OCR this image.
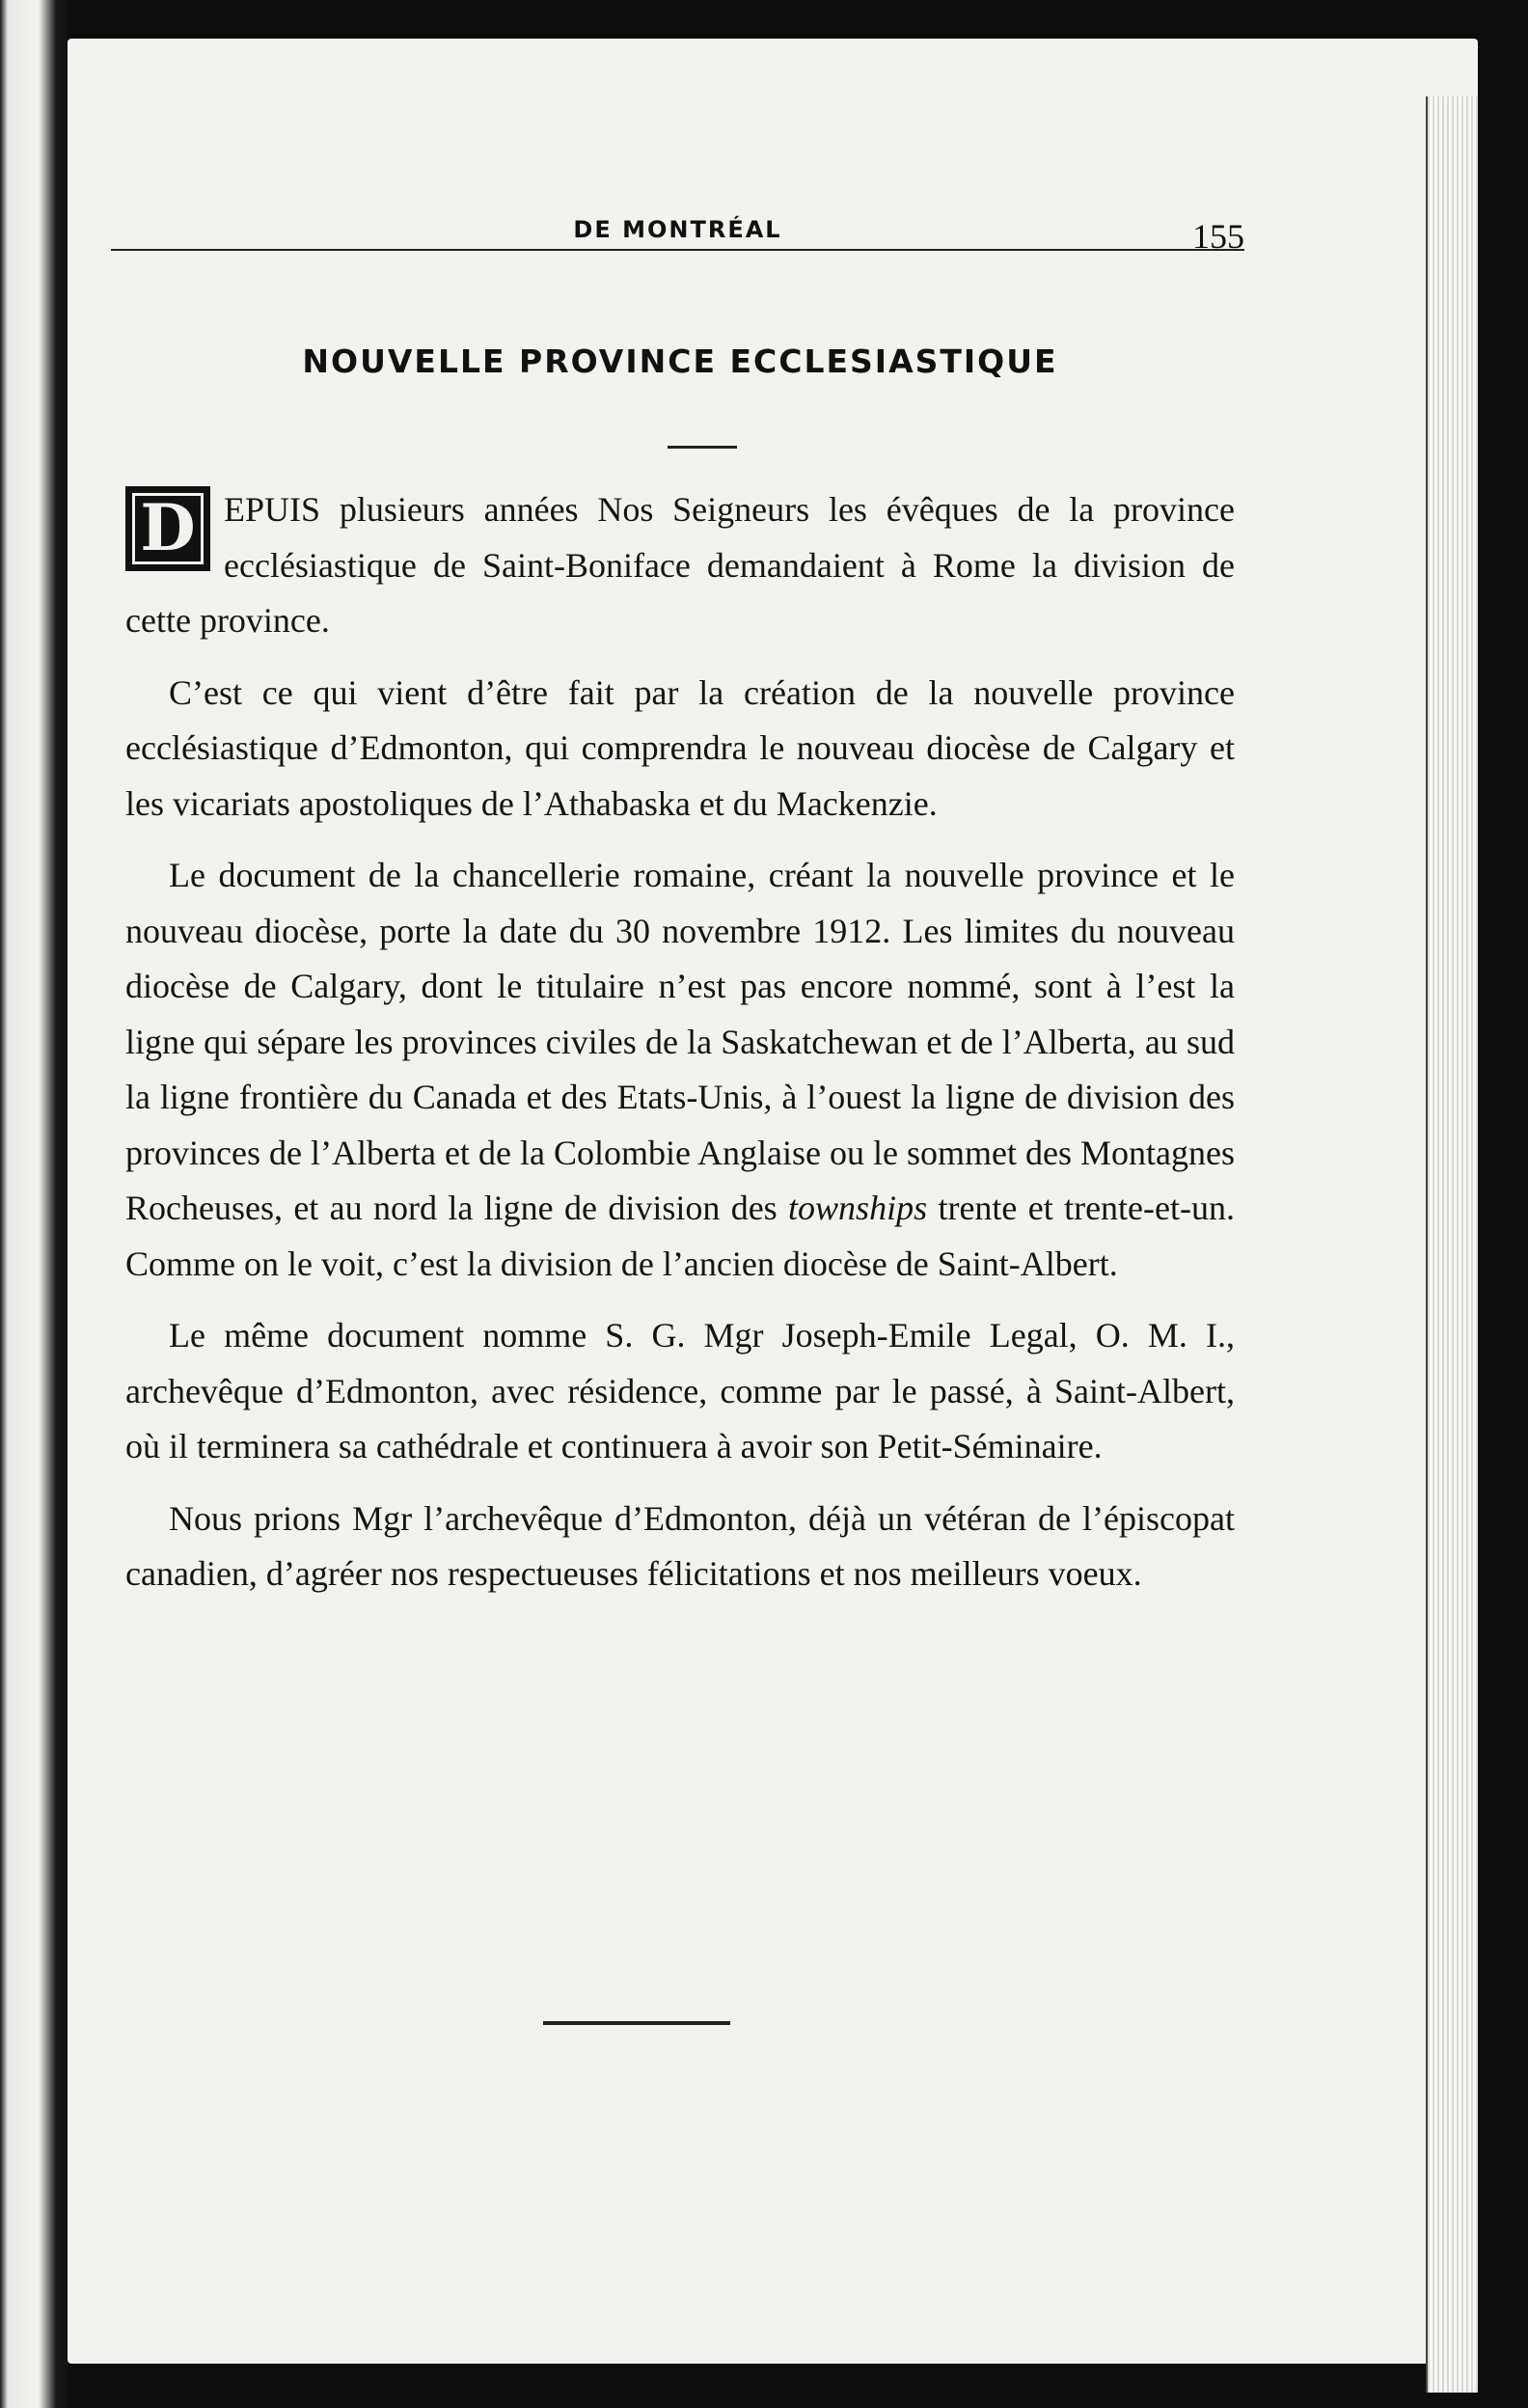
DE MONTRÉAL	155
NOUVELLE PROVINCE ECCLESIASTIQUE

D EPUIS plusieurs années Nos Seigneurs les évêques de la province ecclésiastique de Saint-Boniface demandaient à Rome la division de cette province.

C’est ce qui vient d’être fait par la création de la nouvelle province ecclésiastique d’Edmonton, qui comprendra le nouveau diocèse de Calgary et les vicariats apostoliques de l’Athabaska et du Mackenzie.

Le document de la chancellerie romaine, créant la nouvelle province et le nouveau diocèse, porte la date du 30 novembre 1912. Les limites du nouveau diocèse de Calgary, dont le titulaire n’est pas encore nommé, sont à l’est la ligne qui sépare les provinces civiles de la Saskatchewan et de l’Alberta, au sud la ligne frontière du Canada et des Etats-Unis, à l’ouest la ligne de division des provinces de l’Alberta et de la Colombie Anglaise ou le sommet des Montagnes Rocheuses, et au nord la ligne de division des townships trente et trente-et-un. Comme on le voit, c’est la division de l’ancien diocèse de Saint-Albert.

Le même document nomme S. G. Mgr Joseph-Emile Legal, O. M. I., archevêque d’Edmonton, avec résidence, comme par le passé, à Saint-Albert, où il terminera sa cathédrale et continuera à avoir son Petit-Séminaire.

Nous prions Mgr l’archevêque d’Edmonton, déjà un vétéran de l’épiscopat canadien, d’agréer nos respectueuses félicitations et nos meilleurs voeux.
